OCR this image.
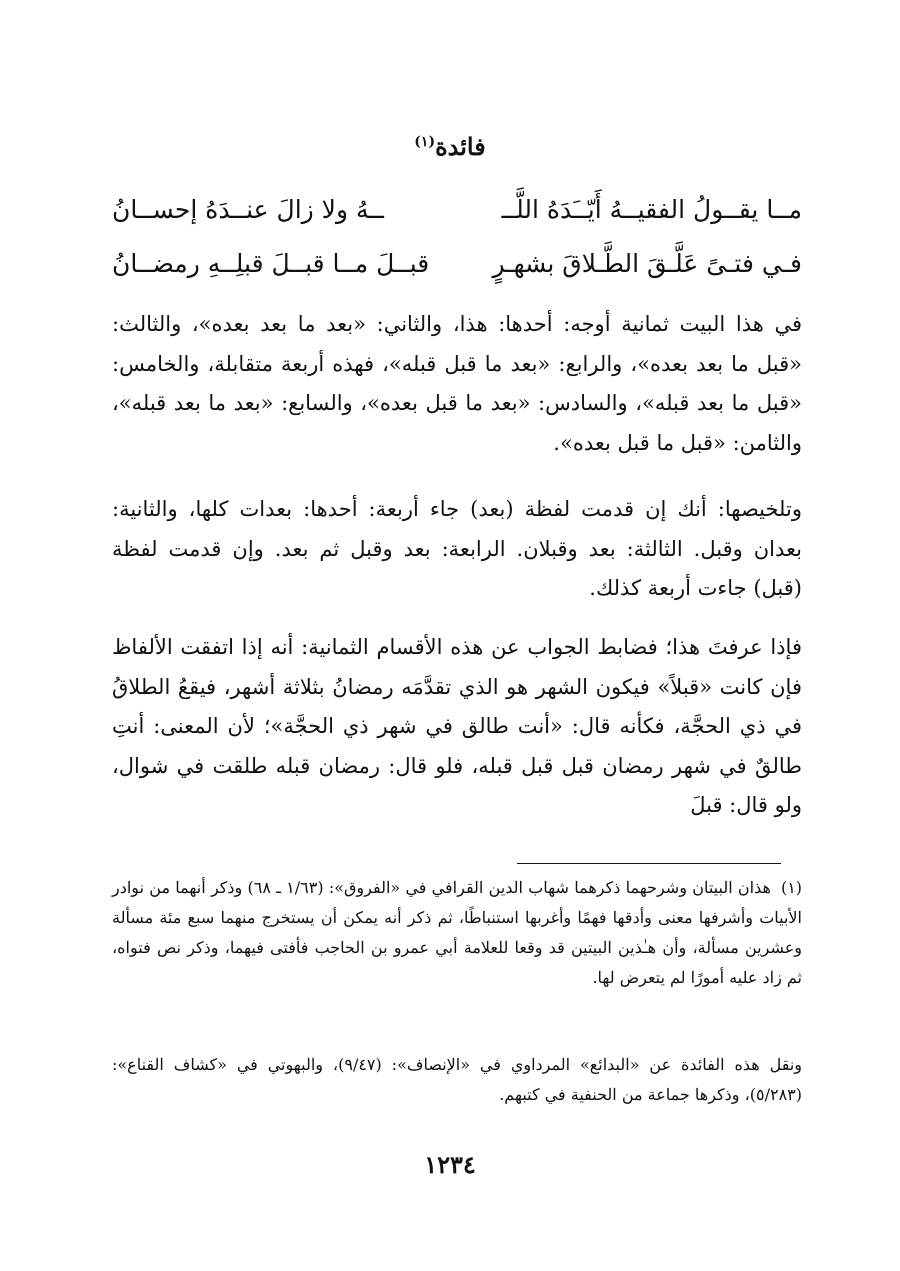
فائدة$^{(١)}$
مــا يقــولُ الفقيــهُ أَيّــَدَهُ اللَّــ
ــهُ ولا زالَ عنــدَهُ إحســانُ
فـي فتـىً عَلَّـقَ الطَّـلاقَ بشهـرٍ
قبــلَ مــا قبــلَ قبلِــهِ رمضــانُ

في هذا البيت ثمانية أوجه: أحدها: هذا، والثاني: «بعد ما بعد بعده»، والثالث: «قبل ما بعد بعده»، والرابع: «بعد ما قبل قبله»، فهذه أربعة متقابلة، والخامس: «قبل ما بعد قبله»، والسادس: «بعد ما قبل بعده»، والسابع: «بعد ما بعد قبله»، والثامن: «قبل ما قبل بعده».

وتلخيصها: أنك إن قدمت لفظة (بعد) جاء أربعة: أحدها: بعدات كلها، والثانية: بعدان وقبل. الثالثة: بعد وقبلان. الرابعة: بعد وقبل ثم بعد. وإن قدمت لفظة (قبل) جاءت أربعة كذلك.

فإذا عرفتَ هذا؛ فضابط الجواب عن هذه الأقسام الثمانية: أنه إذا اتفقت الألفاظ فإن كانت «قبلاً» فيكون الشهر هو الذي تقدَّمَه رمضانُ بثلاثة أشهر، فيقعُ الطلاقُ في ذي الحجَّة، فكأنه قال: «أنت طالق في شهر ذي الحجَّة»؛ لأن المعنى: أنتِ طالقٌ في شهر رمضان قبل قبل قبله، فلو قال: رمضان قبله طلقت في شوال، ولو قال: قبلَ

(١)هذان البيتان وشرحهما ذكرهما شهاب الدين القرافي في «الفروق»: (١/٦٣ ـ ٦٨) وذكر أنهما من نوادر الأبيات وأشرفها معنى وأدقها فهمًا وأغربها استنباطًا، ثم ذكر أنه يمكن أن يستخرج منهما سبع مئة مسألة وعشرين مسألة، وأن هـٰذين البيتين قد وقعا للعلامة أبي عمرو بن الحاجب فأفتى فيهما، وذكر نص فتواه، ثم زاد عليه أمورًا لم يتعرض لها.

ونقل هذه الفائدة عن «البدائع» المرداوي في «الإنصاف»: (٩/٤٧)، والبهوتي في «كشاف القناع»: (٥/٢٨٣)، وذكرها جماعة من الحنفية في كتبهم.

١٢٣٤
